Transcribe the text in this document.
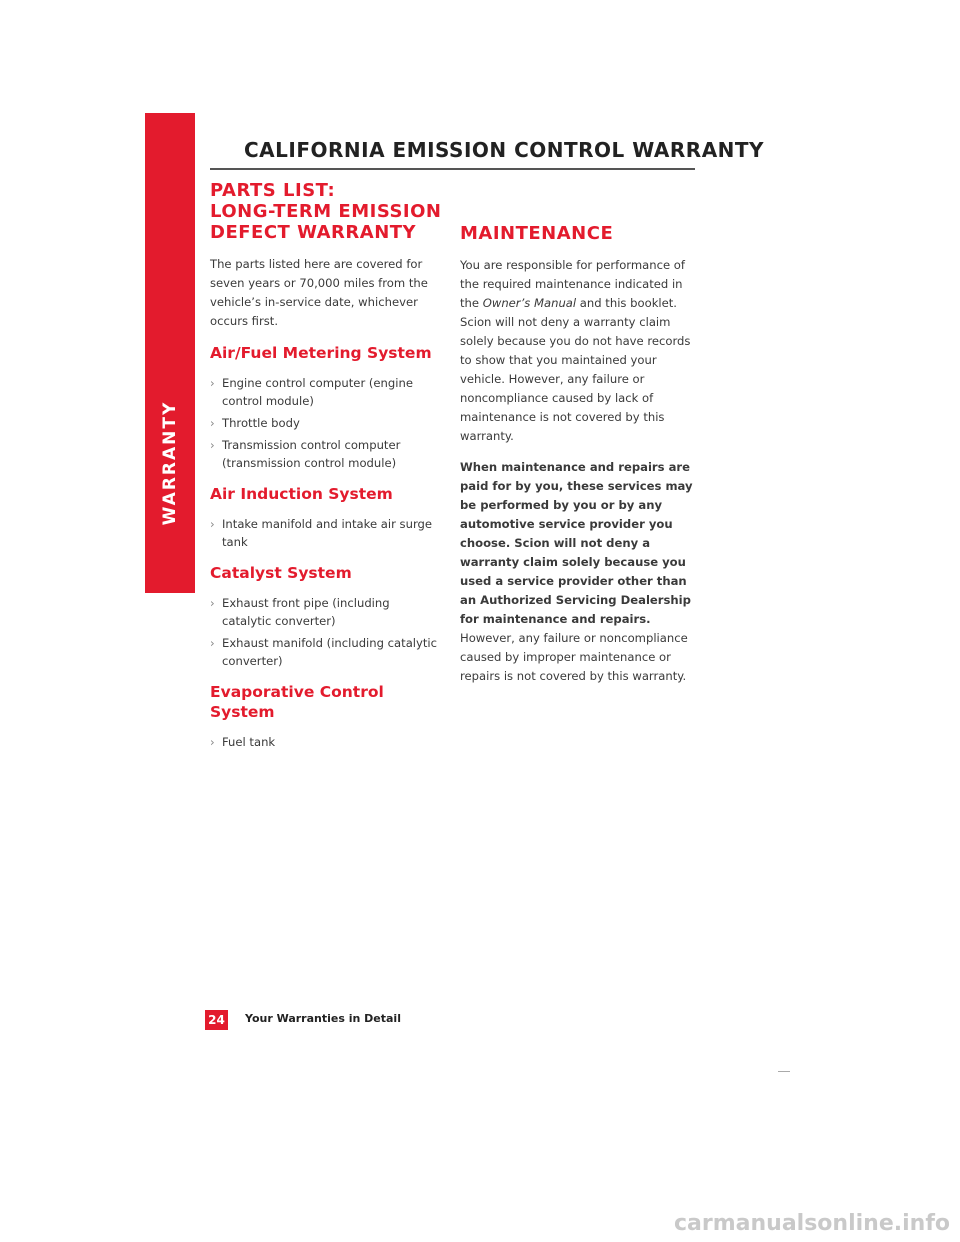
WARRANTY
CALIFORNIA EMISSION CONTROL WARRANTY
PARTS LIST:
LONG-TERM EMISSION
DEFECT WARRANTY

The parts listed here are covered for seven years or 70,000 miles from the vehicle’s in-service date, whichever occurs first.

Air/Fuel Metering System
› Engine control computer (engine control module)
› Throttle body
› Transmission control computer (transmission control module)
Air Induction System
› Intake manifold and intake air surge tank
Catalyst System
› Exhaust front pipe (including catalytic converter)
› Exhaust manifold (including catalytic converter)
Evaporative Control System
› Fuel tank
MAINTENANCE

You are responsible for performance of the required maintenance indicated in the Owner’s Manual and this booklet. Scion will not deny a warranty claim solely because you do not have records to show that you maintained your vehicle. However, any failure or noncompliance caused by lack of maintenance is not covered by this warranty.

When maintenance and repairs are paid for by you, these services may be performed by you or by any automotive service provider you choose. Scion will not deny a warranty claim solely because you used a service provider other than an Authorized Servicing Dealership for maintenance and repairs. However, any failure or noncompliance caused by improper maintenance or repairs is not covered by this warranty.

24 Your Warranties in Detail
carmanualsonline.info
